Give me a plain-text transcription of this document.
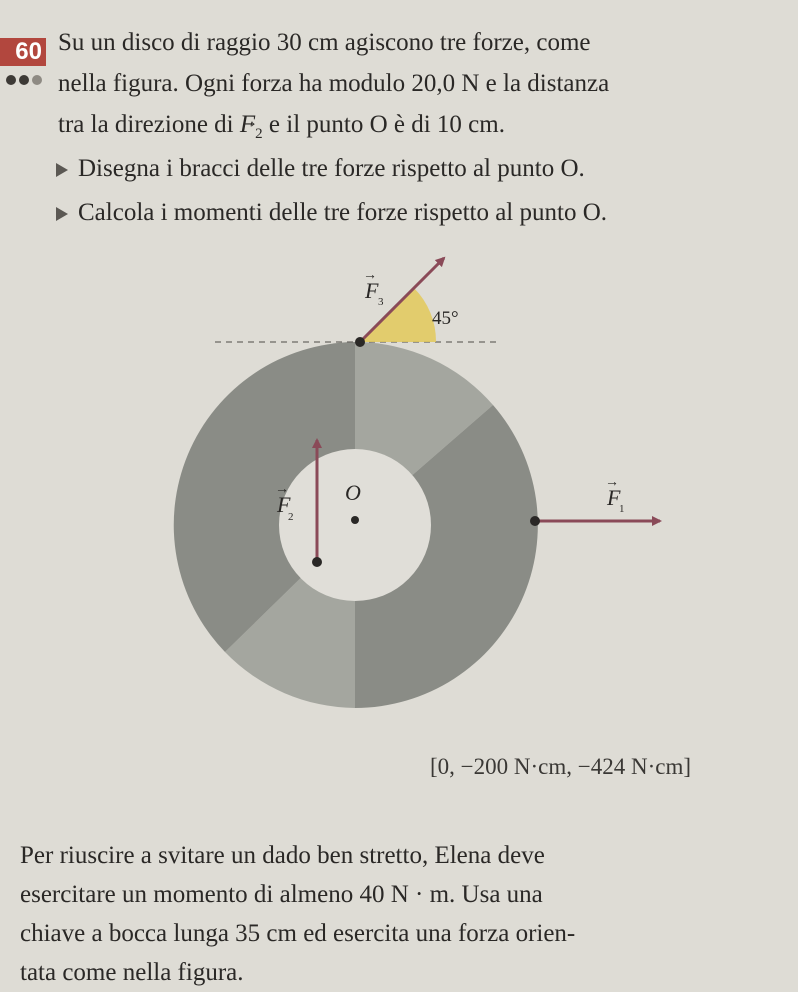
60 Su un disco di raggio 30 cm agiscono tre forze, come
nella figura. Ogni forza ha modulo 20,0 N e la distanza
tra la direzione di → $F_2$ e il punto O è di 10 cm.
Disegna i bracci delle tre forze rispetto al punto O.
Calcola i momenti delle tre forze rispetto al punto O.
O
F 3
→
F
2
→	F
1
→
45°
[0, −200 N·cm, −424 N·cm]
Per riuscire a svitare un dado ben stretto, Elena deve
esercitare un momento di almeno 40 N · m. Usa una
chiave a bocca lunga 35 cm ed esercita una forza orien-
tata come nella figura.
